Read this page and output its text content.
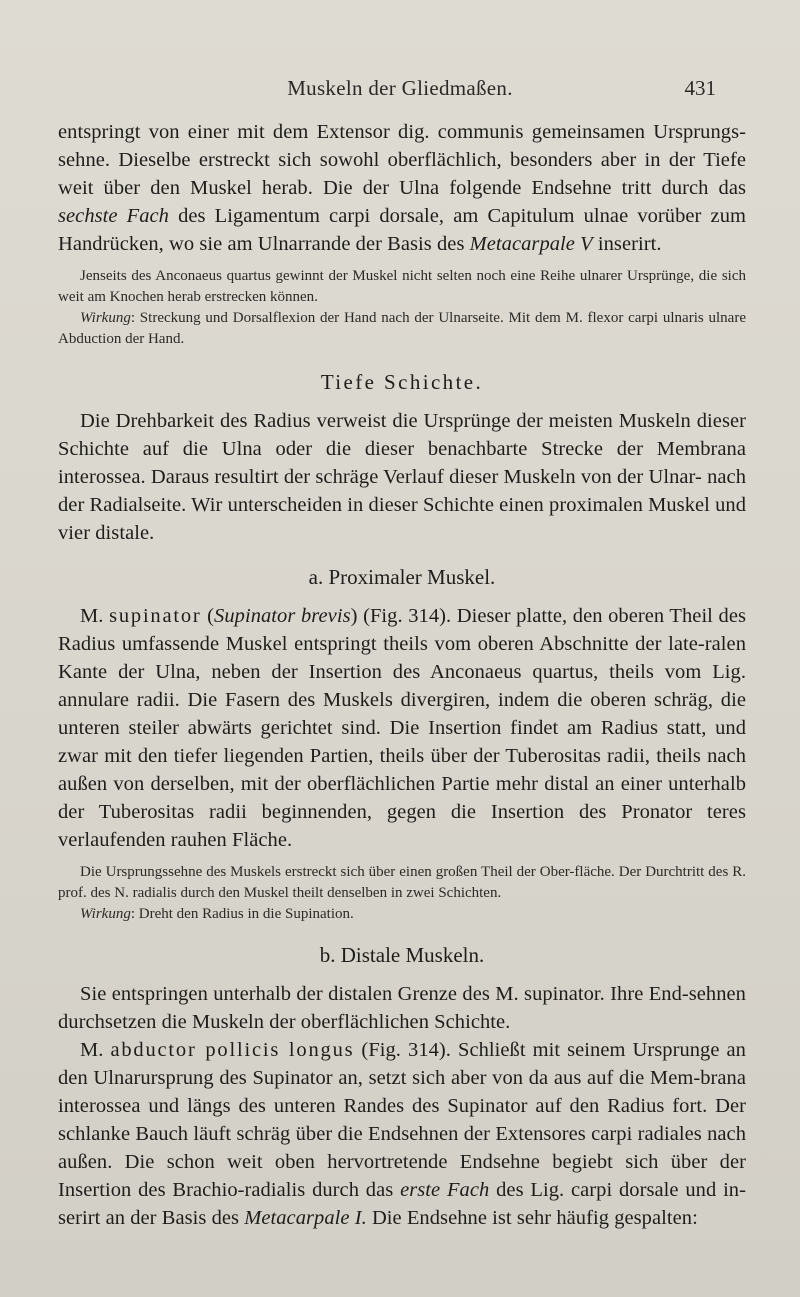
Muskeln der Gliedmaßen.	431

entspringt von einer mit dem Extensor dig. communis gemeinsamen Ursprungs-sehne. Dieselbe erstreckt sich sowohl oberflächlich, besonders aber in der Tiefe weit über den Muskel herab. Die der Ulna folgende Endsehne tritt durch das sechste Fach des Ligamentum carpi dorsale, am Capitulum ulnae vorüber zum Handrücken, wo sie am Ulnarrande der Basis des Metacarpale V inserirt.

Jenseits des Anconaeus quartus gewinnt der Muskel nicht selten noch eine Reihe ulnarer Ursprünge, die sich weit am Knochen herab erstrecken können.

Wirkung: Streckung und Dorsalflexion der Hand nach der Ulnarseite. Mit dem M. flexor carpi ulnaris ulnare Abduction der Hand.

Tiefe Schichte.

Die Drehbarkeit des Radius verweist die Ursprünge der meisten Muskeln dieser Schichte auf die Ulna oder die dieser benachbarte Strecke der Membrana interossea. Daraus resultirt der schräge Verlauf dieser Muskeln von der Ulnar- nach der Radialseite. Wir unterscheiden in dieser Schichte einen proximalen Muskel und vier distale.

a. Proximaler Muskel.

M. supinator (Supinator brevis) (Fig. 314). Dieser platte, den oberen Theil des Radius umfassende Muskel entspringt theils vom oberen Abschnitte der late-ralen Kante der Ulna, neben der Insertion des Anconaeus quartus, theils vom Lig. annulare radii. Die Fasern des Muskels divergiren, indem die oberen schräg, die unteren steiler abwärts gerichtet sind. Die Insertion findet am Radius statt, und zwar mit den tiefer liegenden Partien, theils über der Tuberositas radii, theils nach außen von derselben, mit der oberflächlichen Partie mehr distal an einer unterhalb der Tuberositas radii beginnenden, gegen die Insertion des Pronator teres verlaufenden rauhen Fläche.

Die Ursprungssehne des Muskels erstreckt sich über einen großen Theil der Ober-fläche. Der Durchtritt des R. prof. des N. radialis durch den Muskel theilt denselben in zwei Schichten.

Wirkung: Dreht den Radius in die Supination.

b. Distale Muskeln.

Sie entspringen unterhalb der distalen Grenze des M. supinator. Ihre End-sehnen durchsetzen die Muskeln der oberflächlichen Schichte.

M. abductor pollicis longus (Fig. 314). Schließt mit seinem Ursprunge an den Ulnarursprung des Supinator an, setzt sich aber von da aus auf die Mem-brana interossea und längs des unteren Randes des Supinator auf den Radius fort. Der schlanke Bauch läuft schräg über die Endsehnen der Extensores carpi radiales nach außen. Die schon weit oben hervortretende Endsehne begiebt sich über der Insertion des Brachio-radialis durch das erste Fach des Lig. carpi dorsale und in-serirt an der Basis des Metacarpale I. Die Endsehne ist sehr häufig gespalten:
